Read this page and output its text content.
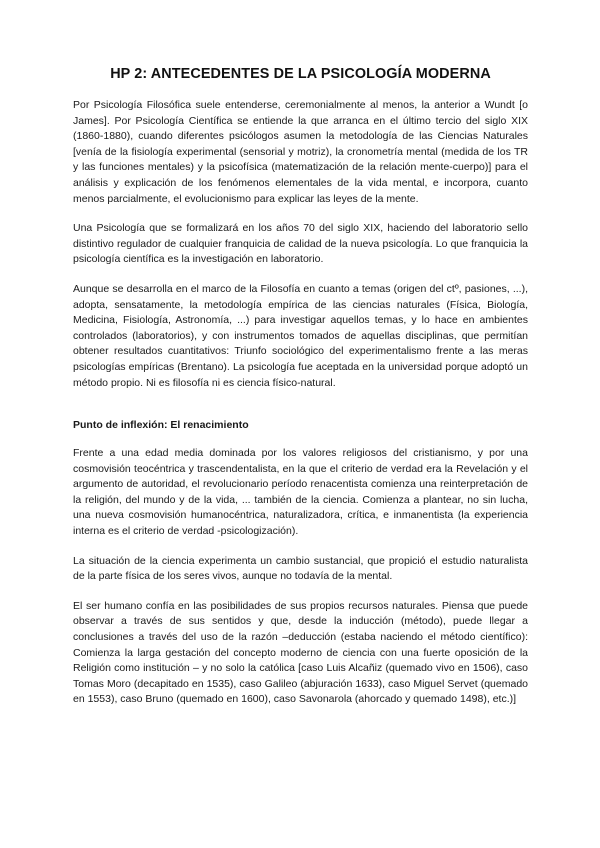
HP 2: ANTECEDENTES DE LA PSICOLOGÍA MODERNA

Por Psicología Filosófica suele entenderse, ceremonialmente al menos, la anterior a Wundt [o James]. Por Psicología Científica se entiende la que arranca en el último tercio del siglo XIX (1860-1880), cuando diferentes psicólogos asumen la metodología de las Ciencias Naturales [venía de la fisiología experimental (sensorial y motriz), la cronometría mental (medida de los TR y las funciones mentales) y la psicofísica (matematización de la relación mente-cuerpo)] para el análisis y explicación de los fenómenos elementales de la vida mental, e incorpora, cuanto menos parcialmente, el evolucionismo para explicar las leyes de la mente.

Una Psicología que se formalizará en los años 70 del siglo XIX, haciendo del laboratorio sello distintivo regulador de cualquier franquicia de calidad de la nueva psicología. Lo que franquicia la psicología científica es la investigación en laboratorio.

Aunque se desarrolla en el marco de la Filosofía en cuanto a temas (origen del ctº, pasiones, ...), adopta, sensatamente, la metodología empírica de las ciencias naturales (Física, Biología, Medicina, Fisiología, Astronomía, ...) para investigar aquellos temas, y lo hace en ambientes controlados (laboratorios), y con instrumentos tomados de aquellas disciplinas, que permitían obtener resultados cuantitativos: Triunfo sociológico del experimentalismo frente a las meras psicologías empíricas (Brentano). La psicología fue aceptada en la universidad porque adoptó un método propio. Ni es filosofía ni es ciencia físico-natural.

Punto de inflexión: El renacimiento

Frente a una edad media dominada por los valores religiosos del cristianismo, y por una cosmovisión teocéntrica y trascendentalista, en la que el criterio de verdad era la Revelación y el argumento de autoridad, el revolucionario período renacentista comienza una reinterpretación de la religión, del mundo y de la vida, ... también de la ciencia. Comienza a plantear, no sin lucha, una nueva cosmovisión humanocéntrica, naturalizadora, crítica, e inmanentista (la experiencia interna es el criterio de verdad -psicologización).

La situación de la ciencia experimenta un cambio sustancial, que propició el estudio naturalista de la parte física de los seres vivos, aunque no todavía de la mental.

El ser humano confía en las posibilidades de sus propios recursos naturales. Piensa que puede observar a través de sus sentidos y que, desde la inducción (método), puede llegar a conclusiones a través del uso de la razón –deducción (estaba naciendo el método científico): Comienza la larga gestación del concepto moderno de ciencia con una fuerte oposición de la Religión como institución – y no solo la católica [caso Luis Alcañiz (quemado vivo en 1506), caso Tomas Moro (decapitado en 1535), caso Galileo (abjuración 1633), caso Miguel Servet (quemado en 1553), caso Bruno (quemado en 1600), caso Savonarola (ahorcado y quemado 1498), etc.)]
